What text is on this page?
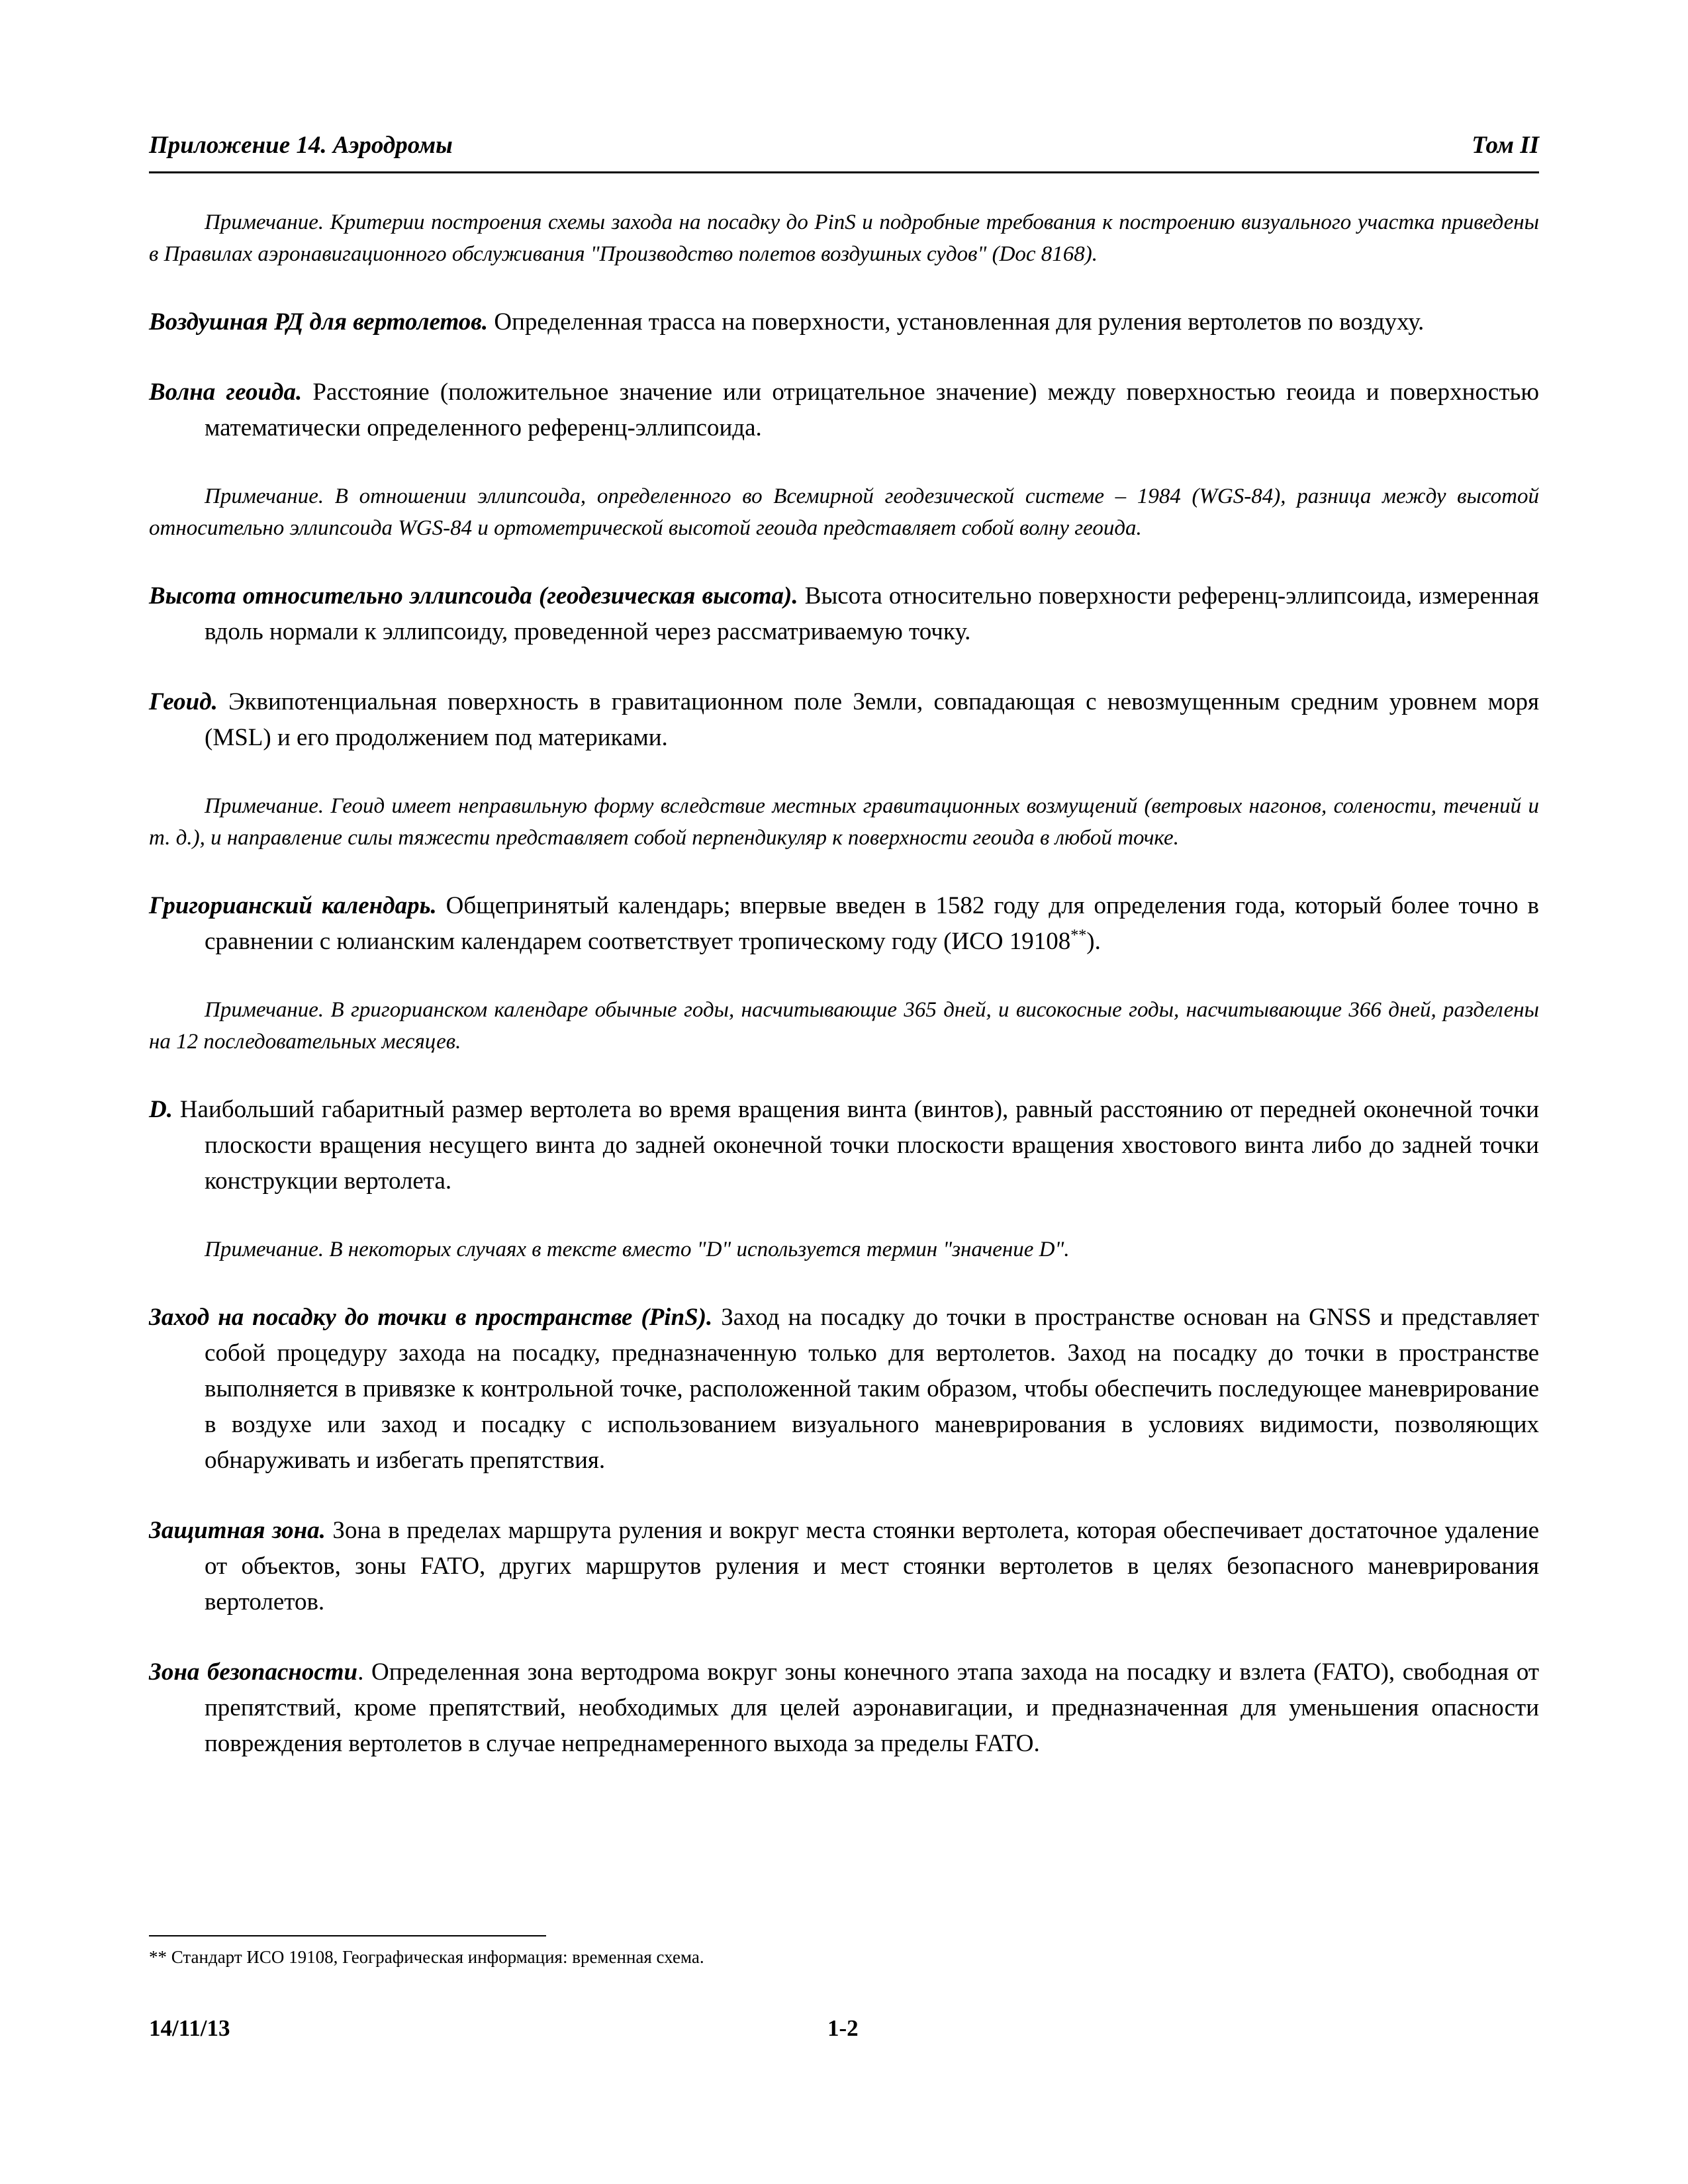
Приложение 14. Аэродромы	Том II

Примечание. Критерии построения схемы захода на посадку до PinS и подробные требования к построению визуального участка приведены в Правилах аэронавигационного обслуживания "Производство полетов воздушных судов" (Doc 8168).

Воздушная РД для вертолетов. Определенная трасса на поверхности, установленная для руления вертолетов по воздуху.

Волна геоида. Расстояние (положительное значение или отрицательное значение) между поверхностью геоида и поверхностью математически определенного референц-эллипсоида.

Примечание. В отношении эллипсоида, определенного во Всемирной геодезической системе – 1984 (WGS-84), разница между высотой относительно эллипсоида WGS-84 и ортометрической высотой геоида представляет собой волну геоида.

Высота относительно эллипсоида (геодезическая высота). Высота относительно поверхности референц-эллипсоида, измеренная вдоль нормали к эллипсоиду, проведенной через рассматриваемую точку.

Геоид. Эквипотенциальная поверхность в гравитационном поле Земли, совпадающая с невозмущенным средним уровнем моря (MSL) и его продолжением под материками.

Примечание. Геоид имеет неправильную форму вследствие местных гравитационных возмущений (ветровых нагонов, солености, течений и т. д.), и направление силы тяжести представляет собой перпендикуляр к поверхности геоида в любой точке.

Григорианский календарь. Общепринятый календарь; впервые введен в 1582 году для определения года, который более точно в сравнении с юлианским календарем соответствует тропическому году (ИСО 19108**).

Примечание. В григорианском календаре обычные годы, насчитывающие 365 дней, и високосные годы, насчитывающие 366 дней, разделены на 12 последовательных месяцев.

D. Наибольший габаритный размер вертолета во время вращения винта (винтов), равный расстоянию от передней оконечной точки плоскости вращения несущего винта до задней оконечной точки плоскости вращения хвостового винта либо до задней точки конструкции вертолета.

Примечание. В некоторых случаях в тексте вместо "D" используется термин "значение D".

Заход на посадку до точки в пространстве (PinS). Заход на посадку до точки в пространстве основан на GNSS и представляет собой процедуру захода на посадку, предназначенную только для вертолетов. Заход на посадку до точки в пространстве выполняется в привязке к контрольной точке, расположенной таким образом, чтобы обеспечить последующее маневрирование в воздухе или заход и посадку с использованием визуального маневрирования в условиях видимости, позволяющих обнаруживать и избегать препятствия.

Защитная зона. Зона в пределах маршрута руления и вокруг места стоянки вертолета, которая обеспечивает достаточное удаление от объектов, зоны FATO, других маршрутов руления и мест стоянки вертолетов в целях безопасного маневрирования вертолетов.

Зона безопасности. Определенная зона вертодрома вокруг зоны конечного этапа захода на посадку и взлета (FATO), свободная от препятствий, кроме препятствий, необходимых для целей аэронавигации, и предназначенная для уменьшения опасности повреждения вертолетов в случае непреднамеренного выхода за пределы FATO.

** Стандарт ИСО 19108, Географическая информация: временная схема.
14/11/13	1-2
